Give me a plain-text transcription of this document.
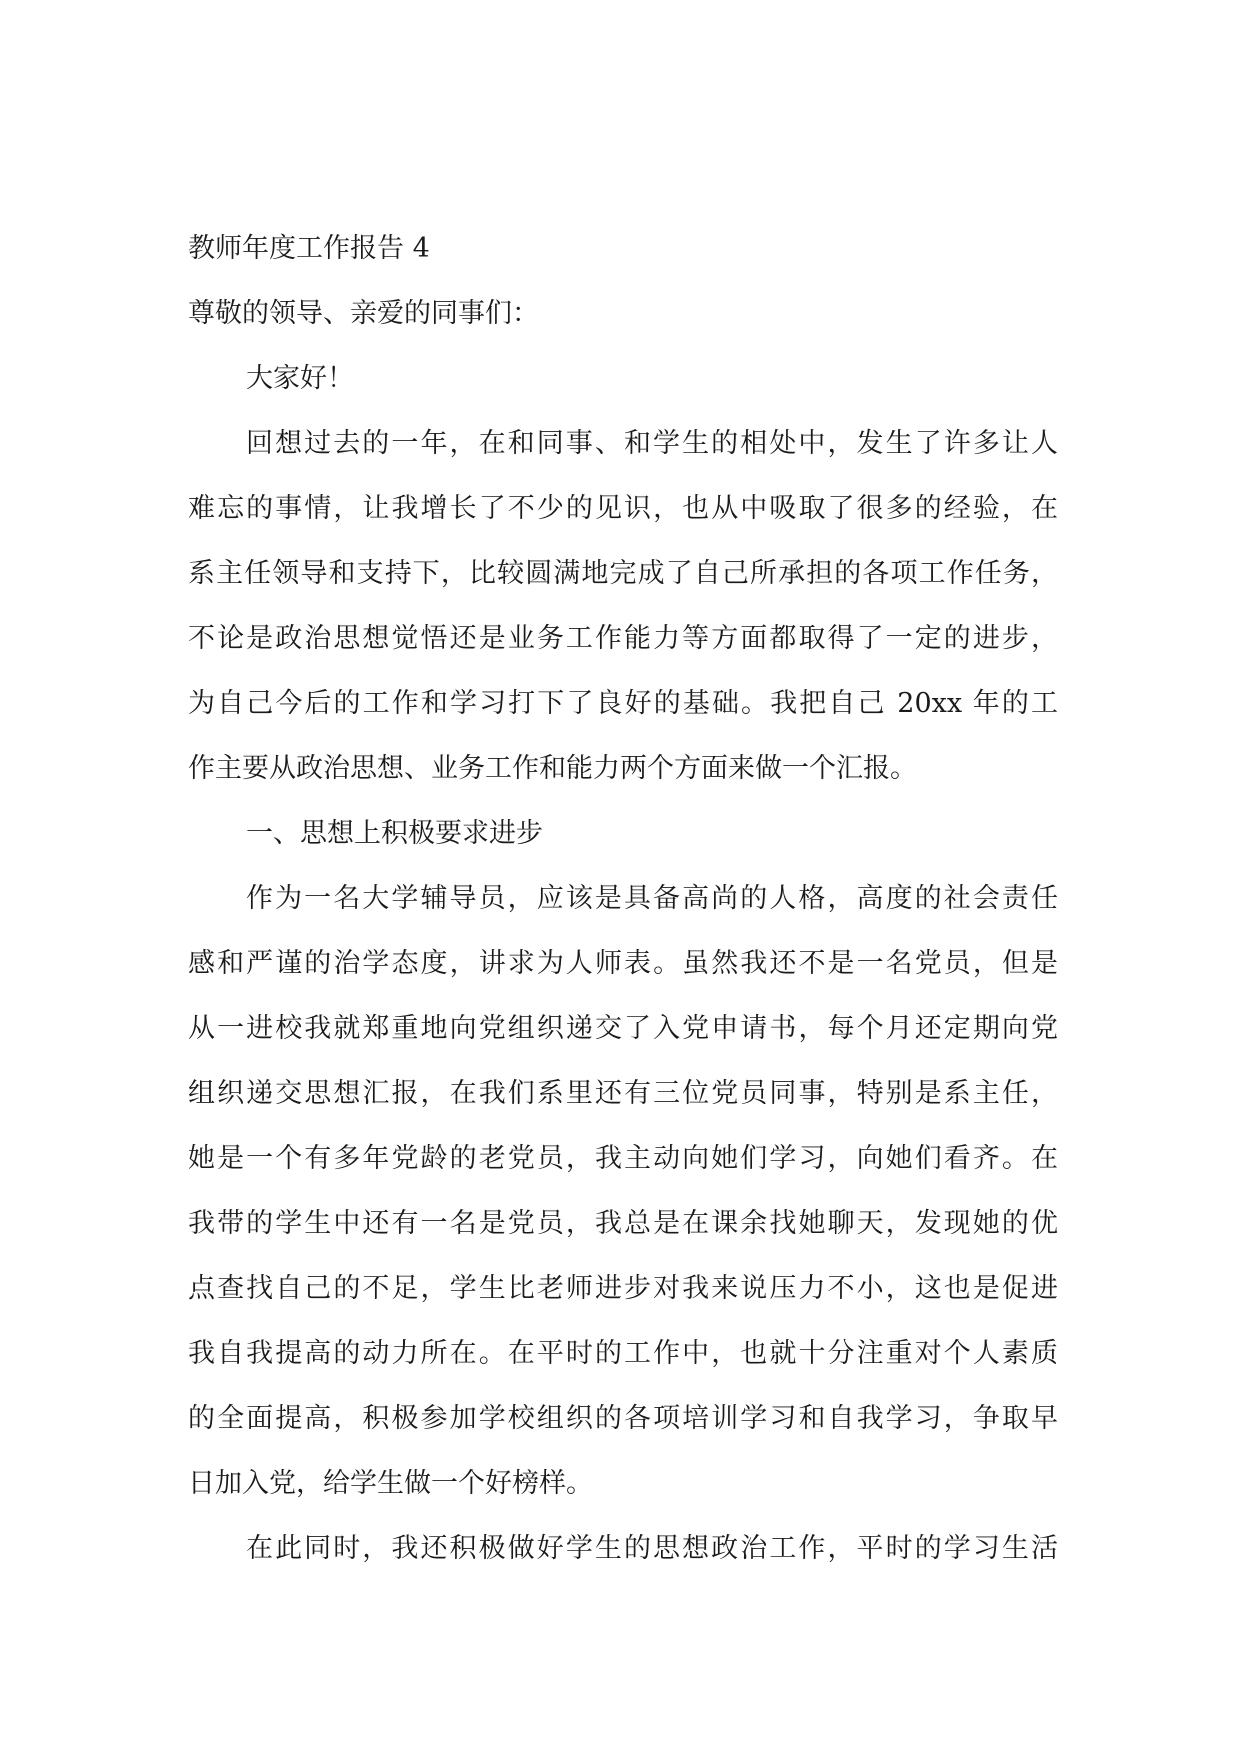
教师年度工作报告 4
尊敬的领导、亲爱的同事们：
大家好！
回想过去的一年，在和同事、和学生的相处中，发生了许多让人
难忘的事情，让我增长了不少的见识，也从中吸取了很多的经验，在
系主任领导和支持下，比较圆满地完成了自己所承担的各项工作任务，
不论是政治思想觉悟还是业务工作能力等方面都取得了一定的进步，
为自己今后的工作和学习打下了良好的基础。我把自己 20xx 年的工
作主要从政治思想、业务工作和能力两个方面来做一个汇报。
一、思想上积极要求进步
作为一名大学辅导员，应该是具备高尚的人格，高度的社会责任
感和严谨的治学态度，讲求为人师表。虽然我还不是一名党员，但是
从一进校我就郑重地向党组织递交了入党申请书，每个月还定期向党
组织递交思想汇报，在我们系里还有三位党员同事，特别是系主任，
她是一个有多年党龄的老党员，我主动向她们学习，向她们看齐。在
我带的学生中还有一名是党员，我总是在课余找她聊天，发现她的优
点查找自己的不足，学生比老师进步对我来说压力不小，这也是促进
我自我提高的动力所在。在平时的工作中，也就十分注重对个人素质
的全面提高，积极参加学校组织的各项培训学习和自我学习，争取早
日加入党，给学生做一个好榜样。
在此同时，我还积极做好学生的思想政治工作，平时的学习生活
